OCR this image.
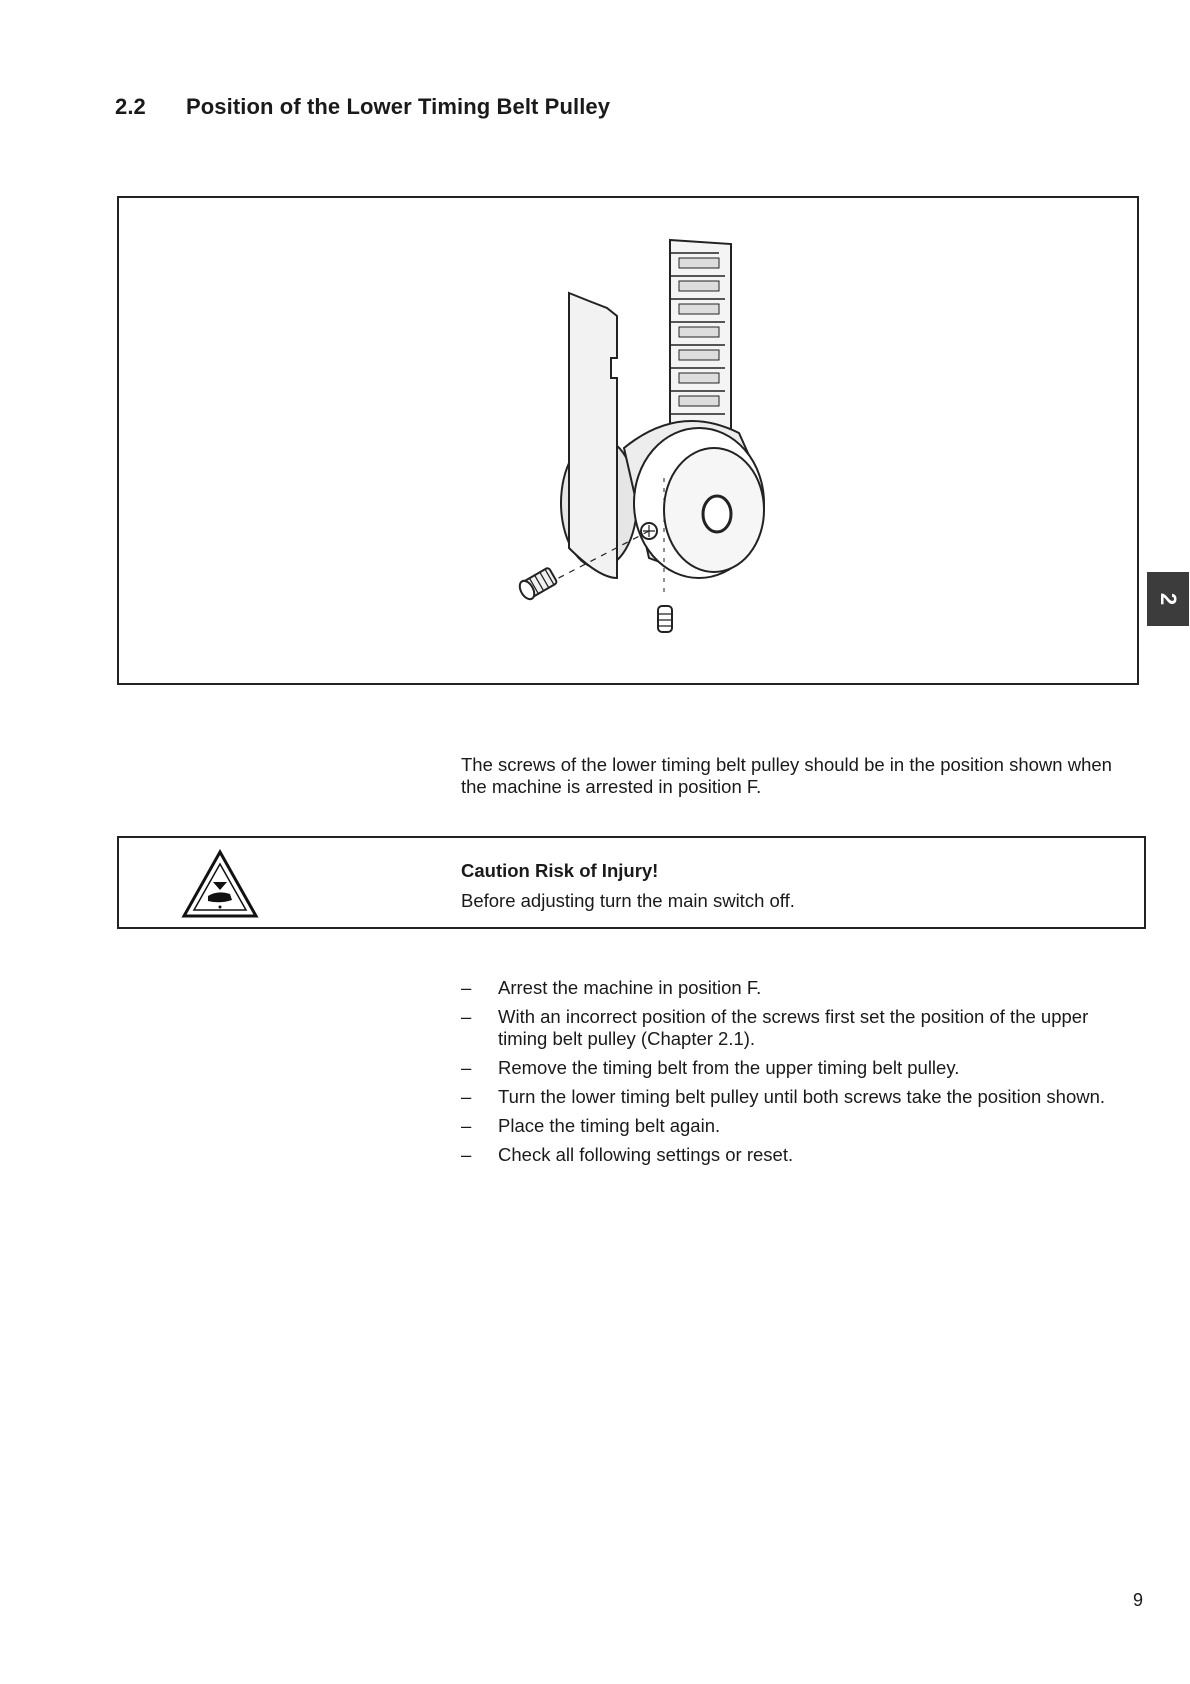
2.2 Position of the Lower Timing Belt Pulley
2
The screws of the lower timing belt pulley should be in the position shown when the machine is arrested in position F.
Caution Risk of Injury!
Before adjusting turn the main switch off.
–	Arrest the machine in position F.
–	With an incorrect position of the screws first set the position of the upper timing belt pulley (Chapter 2.1).
–	Remove the timing belt from the upper timing belt pulley.
–	Turn the lower timing belt pulley until both screws take the position shown.
–	Place the timing belt again.
–	Check all following settings or reset.
9
